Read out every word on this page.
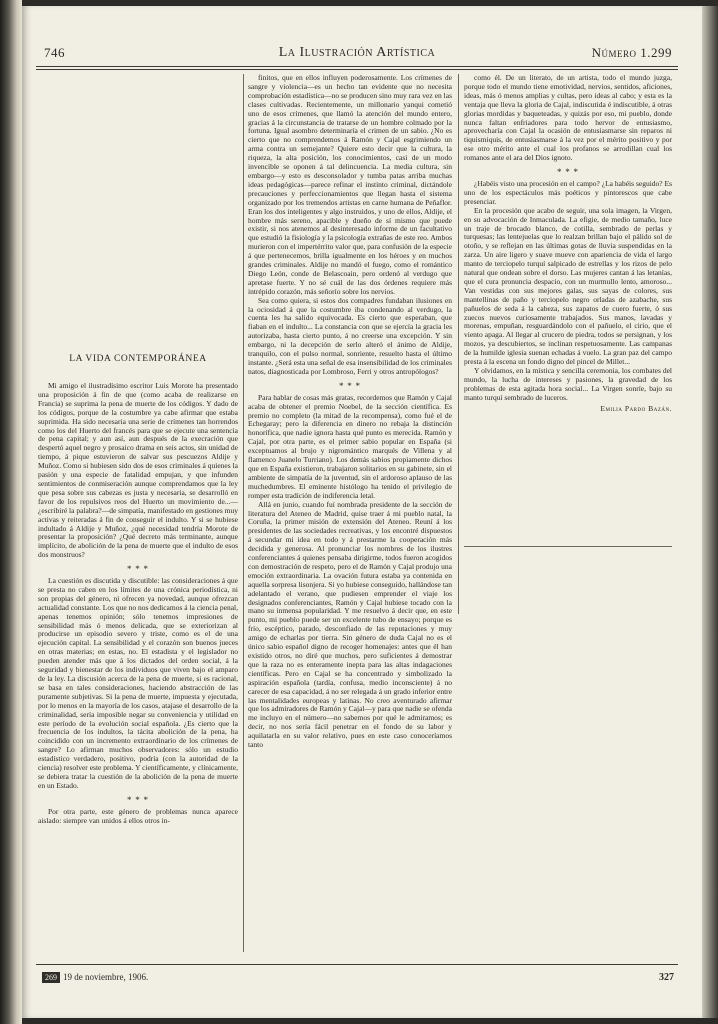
746	La Ilustración Artística	Número 1.299
LA VIDA CONTEMPORÁNEA

Mi amigo el ilustradísimo escritor Luis Morote ha presentado una proposición á fin de que (como acaba de realizarse en Francia) se suprima la pena de muerte de los códigos. Y dado de los códigos, porque de la costumbre ya cabe afirmar que estaba suprimida. Ha sido necesaria una serie de crímenes tan horrendos como los del Huerto del francés para que se ejecute una sentencia de pena capital; y aun así, aun después de la execración que despertó aquel negro y prosaico drama en seis actos, sin unidad de tiempo, á pique estuvieron de salvar sus pescuezos Aldije y Muñoz. Como si hubiesen sido dos de esos criminales á quienes la pasión y una especie de fatalidad empujan, y que infunden sentimientos de conmiseración aunque comprendamos que la ley que pesa sobre sus cabezas es justa y necesaria, se desarrolló en favor de los repulsivos reos del Huerto un movimiento de...—¿escribiré la palabra?—de simpatía, manifestado en gestiones muy activas y reiteradas á fin de conseguir el indulto. Y si se hubiese indultado á Aldije y Muñoz, ¿qué necesidad tendría Morote de presentar la proposición? ¿Qué decreto más terminante, aunque implícito, de abolición de la pena de muerte que el indulto de esos dos monstruos?

* * *

La cuestión es discutida y discutible: las consideraciones á que se presta no caben en los límites de una crónica periodística, ni son propias del género, ni ofrecen ya novedad, aunque ofrezcan actualidad constante. Los que no nos dedicamos á la ciencia penal, apenas tenemos opinión; sólo tenemos impresiones de sensibilidad más ó menos delicada, que se exteriorizan al producirse un episodio severo y triste, como es el de una ejecución capital. La sensibilidad y el corazón son buenos jueces en otras materias; en estas, no. El estadista y el legislador no pueden atender más que á los dictados del orden social, á la seguridad y bienestar de los individuos que viven bajo el amparo de la ley. La discusión acerca de la pena de muerte, si es racional, se basa en tales consideraciones, haciendo abstracción de las puramente subjetivas. Si la pena de muerte, impuesta y ejecutada, por lo menos en la mayoría de los casos, atajase el desarrollo de la criminalidad, sería imposible negar su conveniencia y utilidad en este período de la evolución social española. ¿Es cierto que la frecuencia de los indultos, la tácita abolición de la pena, ha coincidido con un incremento extraordinario de los crímenes de sangre? Lo afirman muchos observadores: sólo un estudio estadístico verdadero, positivo, podría (con la autoridad de la ciencia) resolver este problema. Y científicamente, y clínicamente, se debiera tratar la cuestión de la abolición de la pena de muerte en un Estado.

* * *

Por otra parte, este género de problemas nunca aparece aislado: siempre van unidos á ellos otros in-

finitos, que en ellos influyen poderosamente. Los crímenes de sangre y violencia—es un hecho tan evidente que no necesita comprobación estadística—no se producen sino muy rara vez en las clases cultivadas. Recientemente, un millonario yanqui cometió uno de esos crímenes, que llamó la atención del mundo entero, gracias á la circunstancia de tratarse de un hombre colmado por la fortuna. Igual asombro determinaría el crimen de un sabio. ¿No es cierto que no comprendemos á Ramón y Cajal esgrimiendo un arma contra un semejante? Quiere esto decir que la cultura, la riqueza, la alta posición, los conocimientos, casi de un modo invencible se oponen á tal delincuencia. La media cultura, sin embargo—y esto es desconsolador y tumba patas arriba muchas ideas pedagógicas—parece refinar el instinto criminal, dictándole precauciones y perfeccionamientos que llegan hasta el sistema organizado por los tremendos artistas en carne humana de Peñaflor. Eran los dos inteligentes y algo instruidos, y uno de ellos, Aldije, el hombre más sereno, apacible y dueño de sí mismo que puede existir, si nos atenemos al desinteresado informe de un facultativo que estudió la fisiología y la psicología extrañas de este reo. Ambos murieron con el impertérrito valor que, para confusión de la especie á que pertenecemos, brilla igualmente en los héroes y en muchos grandes criminales. Aldije no mandó el fuego, como el romántico Diego León, conde de Belascoain, pero ordenó al verdugo que apretase fuerte. Y no sé cuál de las dos órdenes requiere más intrépido corazón, más señorío sobre los nervios.

Sea como quiera, si estos dos compadres fundaban ilusiones en la ociosidad á que la costumbre iba condenando al verdugo, la cuenta les ha salido equivocada. Es cierto que esperaban, que fiaban en el indulto... La constancia con que se ejercía la gracia les autorizaba, hasta cierto punto, á no creerse una excepción. Y sin embargo, ni la decepción de serlo alteró el ánimo de Aldije, tranquilo, con el pulso normal, sonriente, resuelto hasta el último instante. ¿Será esta una señal de esa insensibilidad de los criminales natos, diagnosticada por Lombroso, Ferri y otros antropólogos?

* * *

Para hablar de cosas más gratas, recordemos que Ramón y Cajal acaba de obtener el premio Noebel, de la sección científica. Es premio no completo (la mitad de la recompensa), como fué el de Echegaray; pero la diferencia en dinero no rebaja la distinción honorífica, que nadie ignora hasta qué punto es merecida. Ramón y Cajal, por otra parte, es el primer sabio popular en España (si exceptuamos al brujo y nigromántico marqués de Villena y al flamenco Juanelo Turriano). Los demás sabios propiamente dichos que en España existieron, trabajaron solitarios en su gabinete, sin el ambiente de simpatía de la juventud, sin el ardoroso aplauso de las muchedumbres. El eminente histólogo ha tenido el privilegio de romper esta tradición de indiferencia letal.

Allá en junio, cuando fuí nombrada presidente de la sección de literatura del Ateneo de Madrid, quise traer á mi pueblo natal, la Coruña, la primer misión de extensión del Ateneo. Reuní á los presidentes de las sociedades recreativas, y los encontré dispuestos á secundar mi idea en todo y á prestarme la cooperación más decidida y generosa. Al pronunciar los nombres de los ilustres conferenciantes á quienes pensaba dirigirme, todos fueron acogidos con demostración de respeto, pero el de Ramón y Cajal produjo una emoción extraordinaria. La ovación futura estaba ya contenida en aquella sorpresa lisonjera. Si yo hubiese conseguido, hallándose tan adelantado el verano, que pudiesen emprender el viaje los designados conferenciantes, Ramón y Cajal hubiese tocado con la mano su inmensa popularidad. Y me resuelvo á decir que, en este punto, mi pueblo puede ser un excelente tubo de ensayo; porque es frío, escéptico, parado, desconfiado de las reputaciones y muy amigo de echarlas por tierra. Sin género de duda Cajal no es el único sabio español digno de recoger homenajes: antes que él han existido otros, no diré que muchos, pero suficientes á demostrar que la raza no es enteramente inepta para las altas indagaciones científicas. Pero en Cajal se ha concentrado y simbolizado la aspiración española (tardía, confusa, medio inconsciente) á no carecer de esa capacidad, á no ser relegada á un grado inferior entre las mentalidades europeas y latinas. No creo aventurado afirmar que los admiradores de Ramón y Cajal—y para que nadie se ofenda me incluyo en el número—no sabemos por qué le admiramos; es decir, no nos sería fácil penetrar en el fondo de su labor y aquilatarla en su valor relativo, pues en este caso conoceríamos tanto

como él. De un literato, de un artista, todo el mundo juzga, porque todo el mundo tiene emotividad, nervios, sentidos, aficiones, ideas, más ó menos amplias y cultas, pero ideas al cabo; y esta es la ventaja que lleva la gloria de Cajal, indiscutida é indiscutible, á otras glorias mordidas y baqueteadas, y quizás por eso, mi pueblo, donde nunca faltan enfriadores para todo hervor de entusiasmo, aprovecharía con Cajal la ocasión de entusiasmarse sin reparos ni tiquismiquis, de entusiasmarse á la vez por el mérito positivo y por ese otro mérito ante el cual los profanos se arrodillan cual los romanos ante el ara del Dios ignoto.

* * *

¿Habéis visto una procesión en el campo? ¿La habéis seguido? Es uno de los espectáculos más poéticos y pintorescos que cabe presenciar.

En la procesión que acabo de seguir, una sola imagen, la Virgen, en su advocación de Inmaculada. La efigie, de medio tamaño, luce un traje de brocado blanco, de cotilla, sembrado de perlas y turquesas; las lentejuelas que lo realzan brillan bajo el pálido sol de otoño, y se reflejan en las últimas gotas de lluvia suspendidas en la zarza. Un aire ligero y suave mueve con apariencia de vida el largo manto de terciopelo turquí salpicado de estrellas y los rizos de pelo natural que ondean sobre el dorso. Las mujeres cantan á las letanías, que el cura pronuncia despacio, con un murmullo lento, amoroso... Van vestidas con sus mejores galas, sus sayas de colores, sus mantellinas de paño y terciopelo negro orladas de azabache, sus pañuelos de seda á la cabeza, sus zapatos de cuero fuerte, ó sus zuecos nuevos curiosamente trabajados. Sus manos, lavadas y morenas, empuñan, resguardándolo con el pañuelo, el cirio, que el viento apaga. Al llegar al crucero de piedra, todos se persignan, y los mozos, ya descubiertos, se inclinan respetuosamente. Las campanas de la humilde iglesia suenan echadas á vuelo. La gran paz del campo presta á la escena un fondo digno del pincel de Millet...

Y olvidamos, en la mística y sencilla ceremonia, los combates del mundo, la lucha de intereses y pasiones, la gravedad de los problemas de esta agitada hora social... La Virgen sonríe, bajo su manto turquí sembrado de luceros.

Emilia Pardo Bazán.
269 19 de noviembre, 1906.	327
